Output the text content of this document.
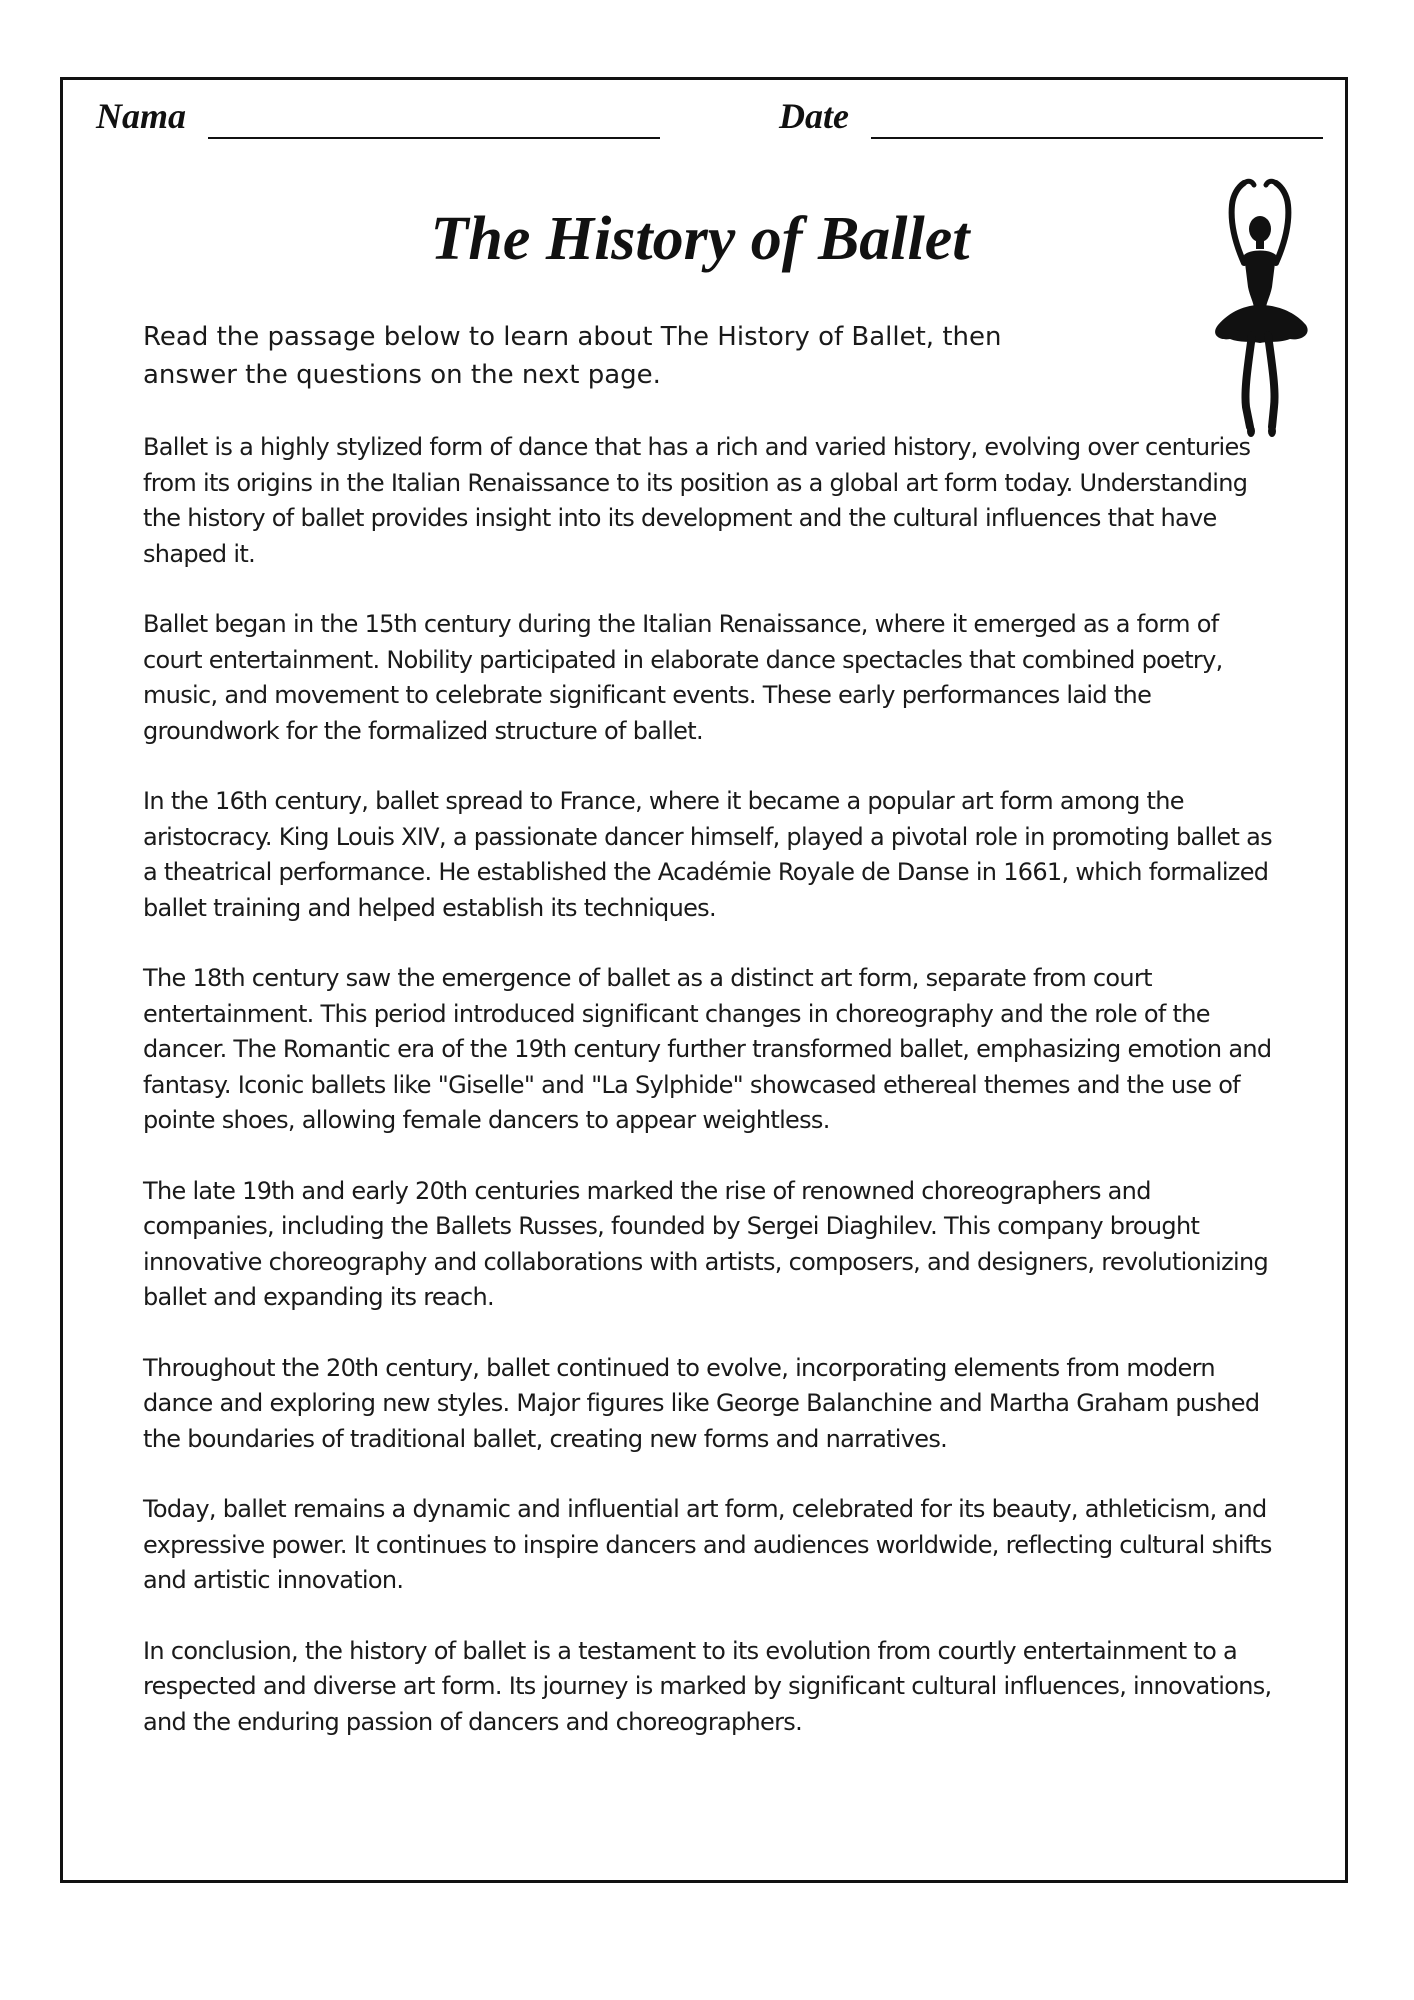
Nama	Date
The History of Ballet

Read the passage below to learn about The History of Ballet, then answer the questions on the next page.

Ballet is a highly stylized form of dance that has a rich and varied history, evolving over centuries from its origins in the Italian Renaissance to its position as a global art form today. Understanding the history of ballet provides insight into its development and the cultural influences that have shaped it.

Ballet began in the 15th century during the Italian Renaissance, where it emerged as a form of court entertainment. Nobility participated in elaborate dance spectacles that combined poetry, music, and movement to celebrate significant events. These early performances laid the groundwork for the formalized structure of ballet.

In the 16th century, ballet spread to France, where it became a popular art form among the aristocracy. King Louis XIV, a passionate dancer himself, played a pivotal role in promoting ballet as a theatrical performance. He established the Académie Royale de Danse in 1661, which formalized ballet training and helped establish its techniques.

The 18th century saw the emergence of ballet as a distinct art form, separate from court entertainment. This period introduced significant changes in choreography and the role of the dancer. The Romantic era of the 19th century further transformed ballet, emphasizing emotion and fantasy. Iconic ballets like "Giselle" and "La Sylphide" showcased ethereal themes and the use of pointe shoes, allowing female dancers to appear weightless.

The late 19th and early 20th centuries marked the rise of renowned choreographers and companies, including the Ballets Russes, founded by Sergei Diaghilev. This company brought innovative choreography and collaborations with artists, composers, and designers, revolutionizing ballet and expanding its reach.

Throughout the 20th century, ballet continued to evolve, incorporating elements from modern dance and exploring new styles. Major figures like George Balanchine and Martha Graham pushed the boundaries of traditional ballet, creating new forms and narratives.

Today, ballet remains a dynamic and influential art form, celebrated for its beauty, athleticism, and expressive power. It continues to inspire dancers and audiences worldwide, reflecting cultural shifts and artistic innovation.

In conclusion, the history of ballet is a testament to its evolution from courtly entertainment to a respected and diverse art form. Its journey is marked by significant cultural influences, innovations, and the enduring passion of dancers and choreographers.
